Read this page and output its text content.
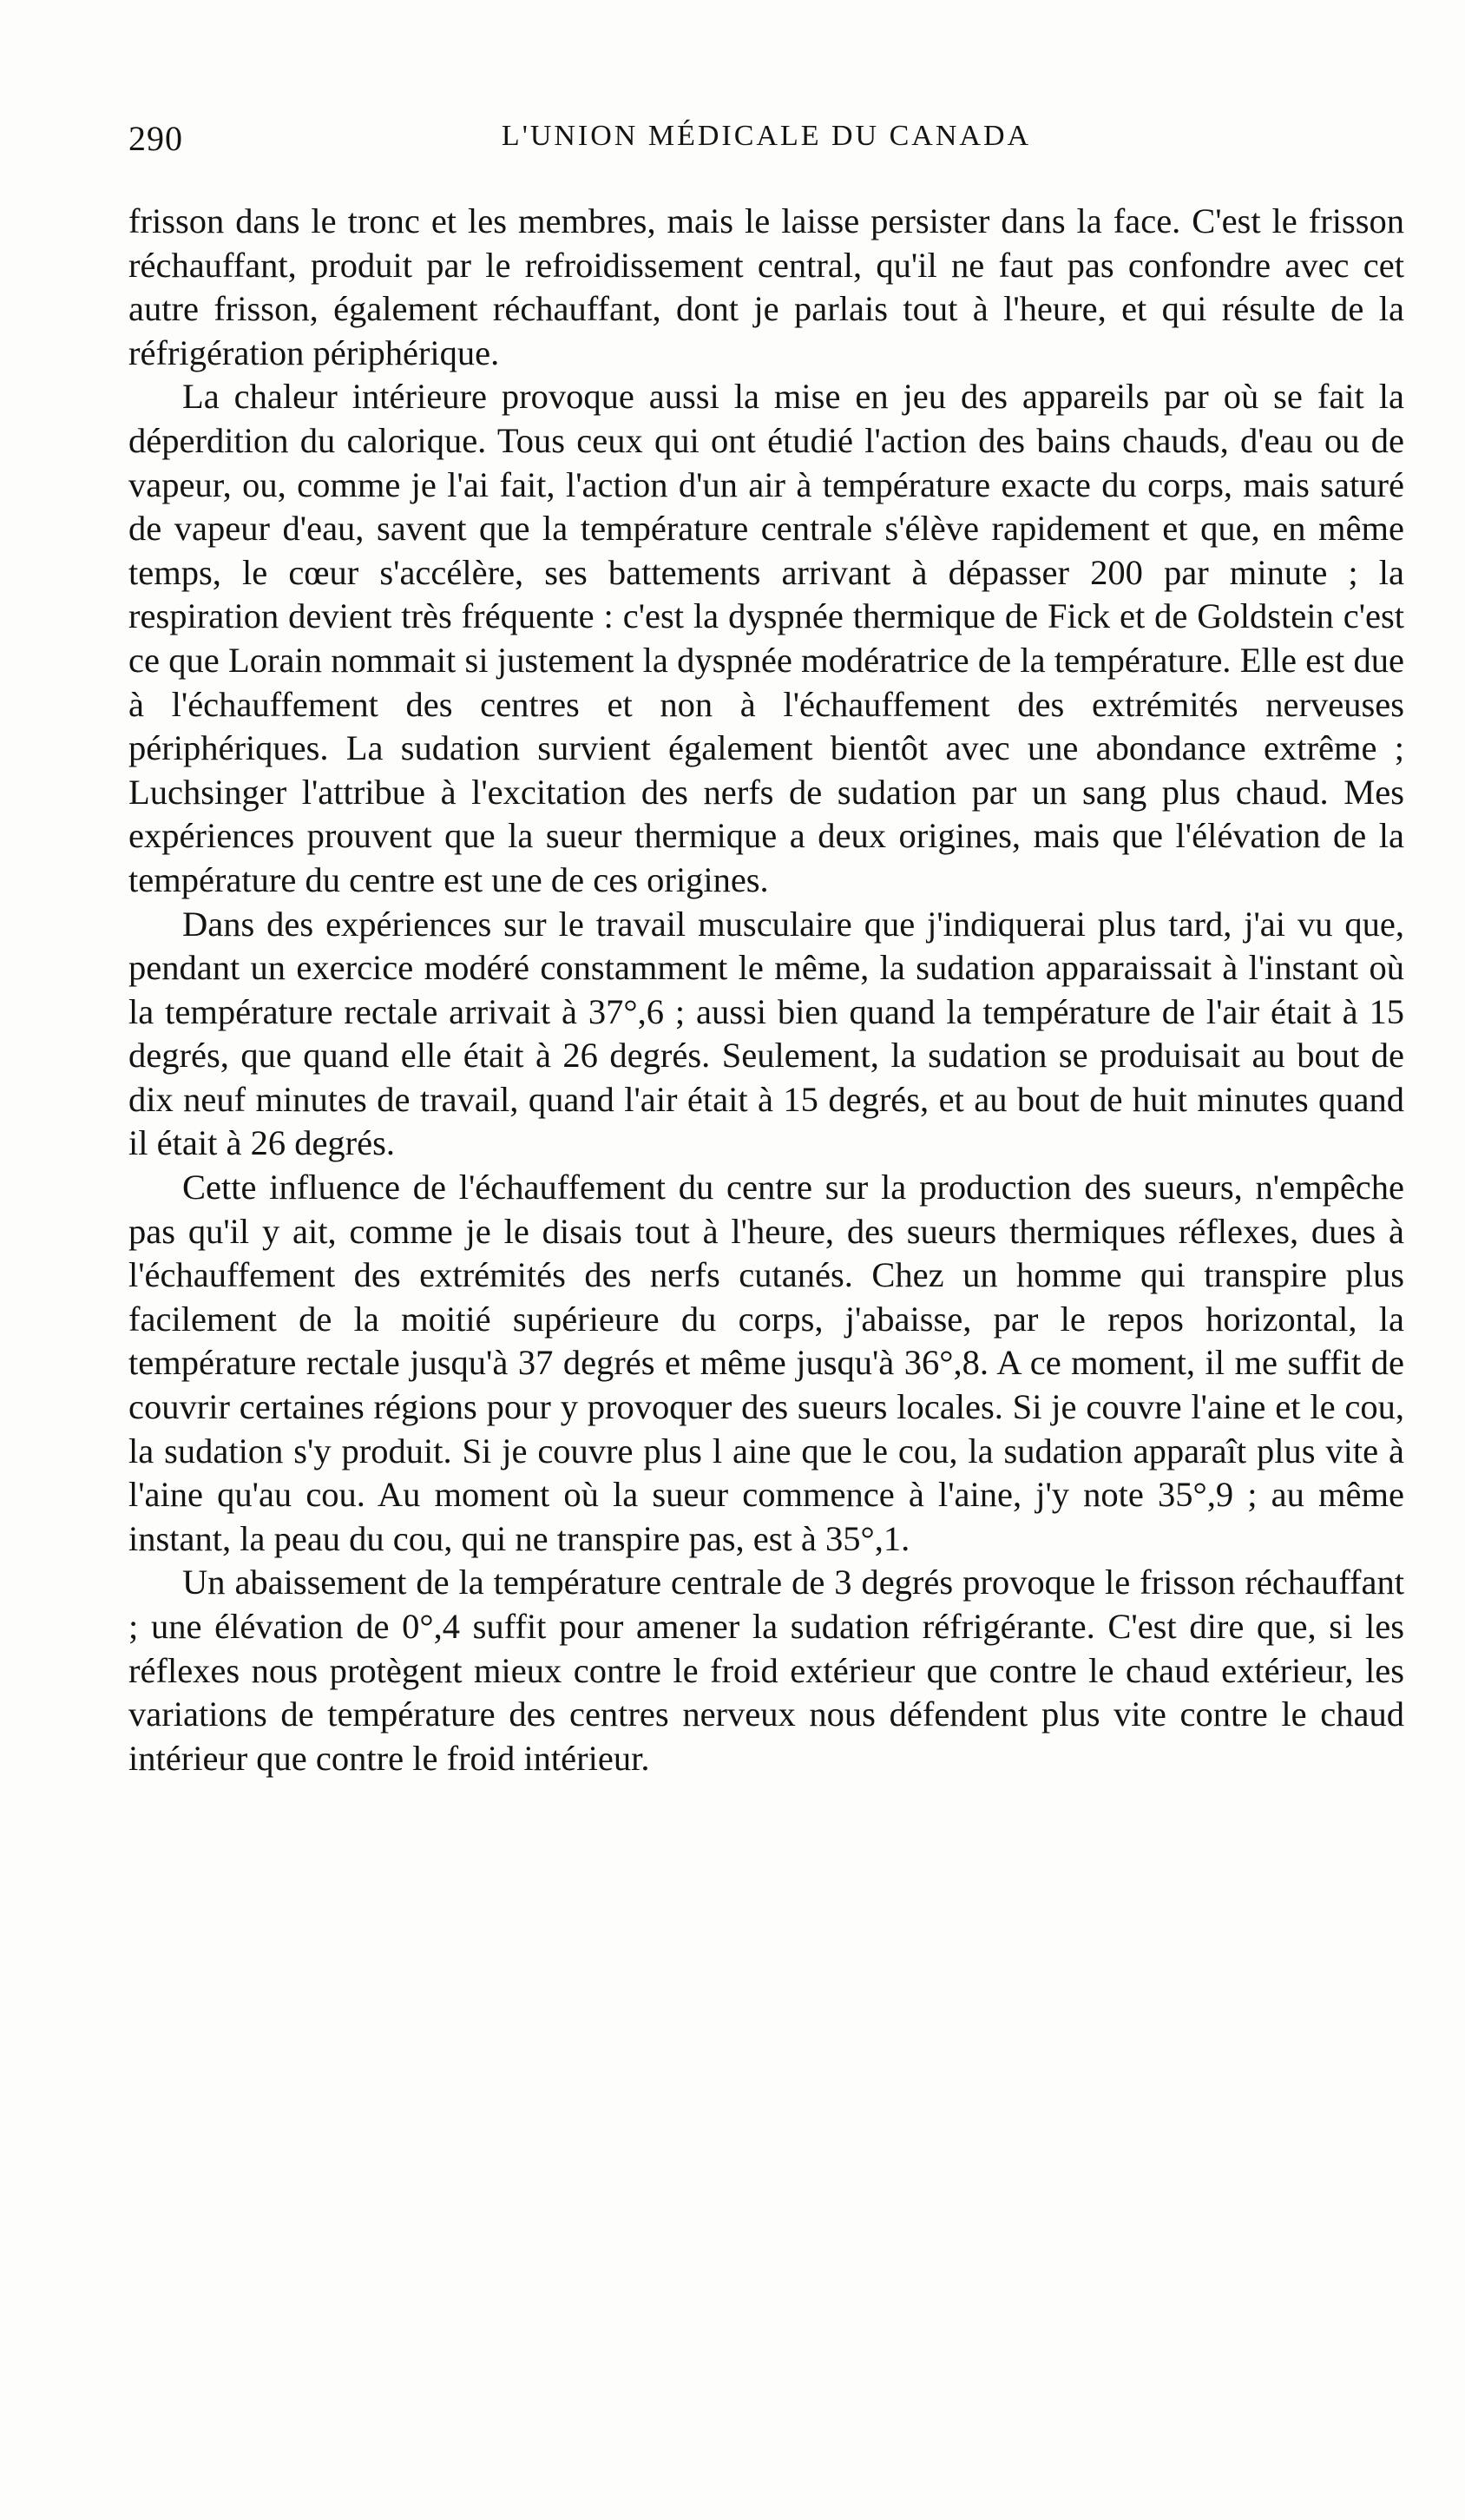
290	L'UNION MÉDICALE DU CANADA

frisson dans le tronc et les membres, mais le laisse persister dans la face. C'est le frisson réchauffant, produit par le refroidissement central, qu'il ne faut pas confondre avec cet autre frisson, également réchauffant, dont je parlais tout à l'heure, et qui résulte de la réfrigération périphérique.

La chaleur intérieure provoque aussi la mise en jeu des appareils par où se fait la déperdition du calorique. Tous ceux qui ont étudié l'action des bains chauds, d'eau ou de vapeur, ou, comme je l'ai fait, l'action d'un air à température exacte du corps, mais saturé de vapeur d'eau, savent que la température centrale s'élève rapidement et que, en même temps, le cœur s'accélère, ses battements arrivant à dépasser 200 par minute ; la respiration devient très fréquente : c'est la dyspnée thermique de Fick et de Goldstein c'est ce que Lorain nommait si justement la dyspnée modératrice de la température. Elle est due à l'échauffement des centres et non à l'échauffement des extrémités nerveuses périphériques. La sudation survient également bientôt avec une abondance extrême ; Luchsinger l'attribue à l'excitation des nerfs de sudation par un sang plus chaud. Mes expériences prouvent que la sueur thermique a deux origines, mais que l'élévation de la température du centre est une de ces origines.

Dans des expériences sur le travail musculaire que j'indiquerai plus tard, j'ai vu que, pendant un exercice modéré constamment le même, la sudation apparaissait à l'instant où la température rectale arrivait à 37°,6 ; aussi bien quand la température de l'air était à 15 degrés, que quand elle était à 26 degrés. Seulement, la sudation se produisait au bout de dix neuf minutes de travail, quand l'air était à 15 degrés, et au bout de huit minutes quand il était à 26 degrés.

Cette influence de l'échauffement du centre sur la production des sueurs, n'empêche pas qu'il y ait, comme je le disais tout à l'heure, des sueurs thermiques réflexes, dues à l'échauffement des extrémités des nerfs cutanés. Chez un homme qui transpire plus facilement de la moitié supérieure du corps, j'abaisse, par le repos horizontal, la température rectale jusqu'à 37 degrés et même jusqu'à 36°,8. A ce moment, il me suffit de couvrir certaines régions pour y provoquer des sueurs locales. Si je couvre l'aine et le cou, la sudation s'y produit. Si je couvre plus l aine que le cou, la sudation apparaît plus vite à l'aine qu'au cou. Au moment où la sueur commence à l'aine, j'y note 35°,9 ; au même instant, la peau du cou, qui ne transpire pas, est à 35°,1.

Un abaissement de la température centrale de 3 degrés provoque le frisson réchauffant ; une élévation de 0°,4 suffit pour amener la sudation réfrigérante. C'est dire que, si les réflexes nous protègent mieux contre le froid extérieur que contre le chaud extérieur, les variations de température des centres nerveux nous défendent plus vite contre le chaud intérieur que contre le froid intérieur.
